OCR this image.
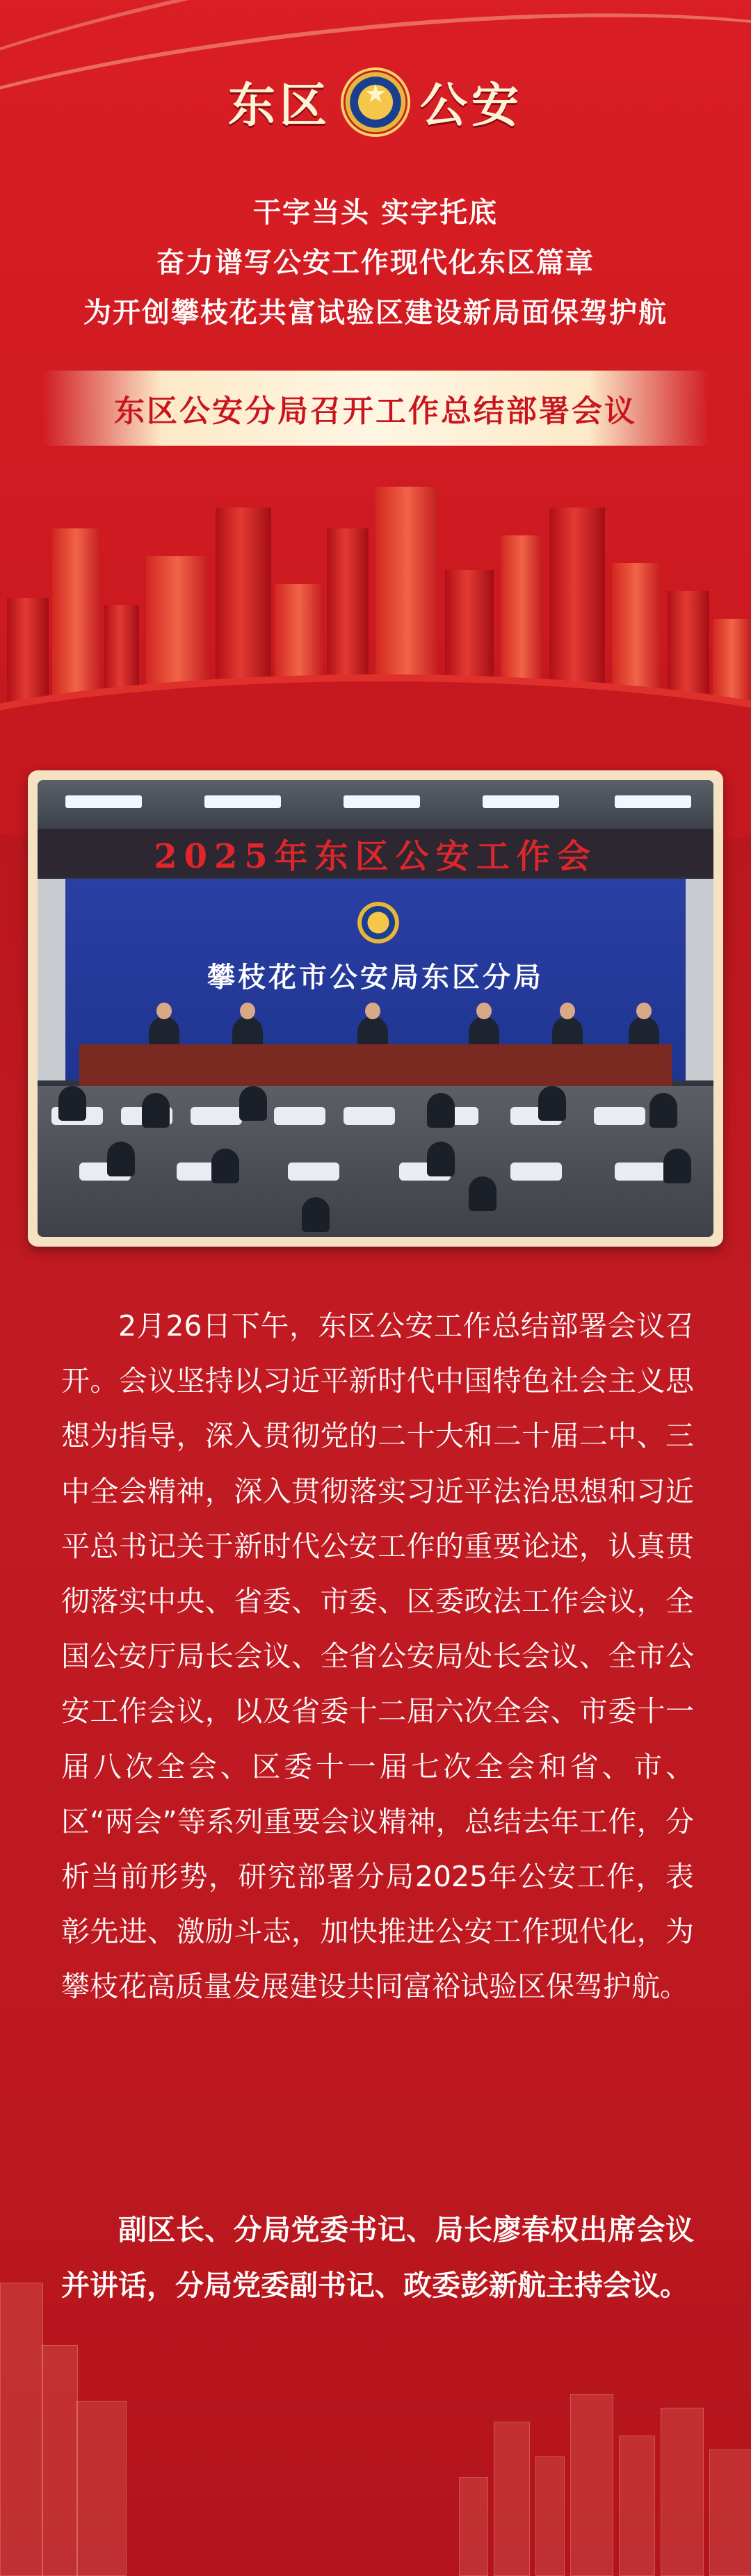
东区
★ 公安
干字当头 实字托底
奋力谱写公安工作现代化东区篇章
为开创攀枝花共富试验区建设新局面保驾护航
东区公安分局召开工作总结部署会议
2025年东区公安工作会
攀枝花市公安局东区分局

2月26日下午，东区公安工作总结部署会议召开。会议坚持以习近平新时代中国特色社会主义思想为指导，深入贯彻党的二十大和二十届二中、三中全会精神，深入贯彻落实习近平法治思想和习近平总书记关于新时代公安工作的重要论述，认真贯彻落实中央、省委、市委、区委政法工作会议，全国公安厅局长会议、全省公安局处长会议、全市公安工作会议，以及省委十二届六次全会、市委十一届八次全会、区委十一届七次全会和省、市、区“两会”等系列重要会议精神，总结去年工作，分析当前形势，研究部署分局2025年公安工作，表彰先进、激励斗志，加快推进公安工作现代化，为攀枝花高质量发展建设共同富裕试验区保驾护航。

副区长、分局党委书记、局长廖春权出席会议并讲话，分局党委副书记、政委彭新航主持会议。
